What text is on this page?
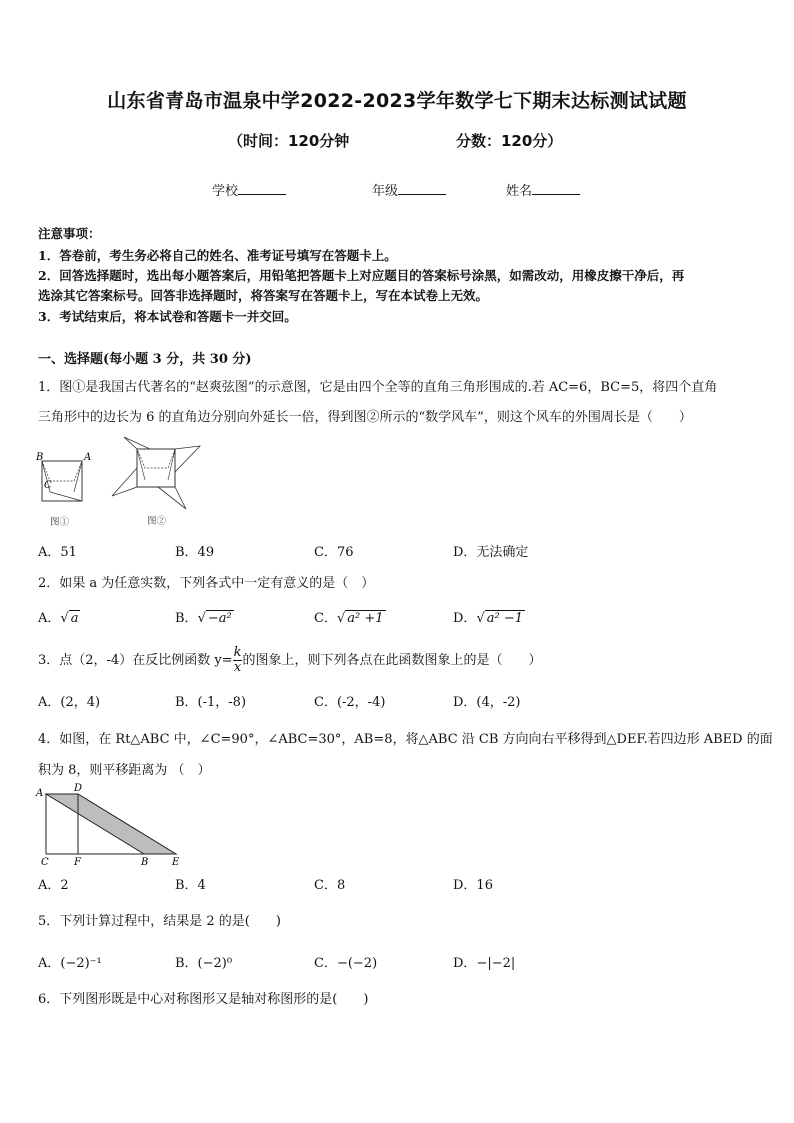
山东省青岛市温泉中学2022-2023学年数学七下期末达标测试试题
（时间：120分钟	分数：120分）
学校	年级	姓名
注意事项：
1．答卷前，考生务必将自己的姓名、准考证号填写在答题卡上。
2．回答选择题时，选出每小题答案后，用铅笔把答题卡上对应题目的答案标号涂黑，如需改动，用橡皮擦干净后，再
选涂其它答案标号。回答非选择题时，将答案写在答题卡上，写在本试卷上无效。
3．考试结束后，将本试卷和答题卡一并交回。
一、选择题(每小题 3 分，共 30 分)
1．图①是我国古代著名的“赵爽弦图”的示意图，它是由四个全等的直角三角形围成的.若 AC=6，BC=5，将四个直角
三角形中的边长为 6 的直角边分别向外延长一倍，得到图②所示的“数学风车”，则这个风车的外围周长是（　　）
B	A
C
图①	图②
A．51	B．49	C．76	D．无法确定
2．如果 a 为任意实数，下列各式中一定有意义的是（　）
A．√ a	B．√ −a²	C．√ a² +1	D．√ a² −1
3．点（2，-4）在反比例函数 $y= \frac{k}{x}$ 的图象上，则下列各点在此函数图象上的是（　　）
A．(2，4)	B．(-1，-8)	C．(-2，-4)	D．(4，-2)
4．如图，在 Rt△ABC 中，∠C=90°，∠ABC=30°，AB=8，将△ABC 沿 CB 方向向右平移得到△DEF.若四边形 ABED 的面
积为 8，则平移距离为 （　）
A	D
C	F	B E
A．2	B．4	C．8	D．16
5．下列计算过程中，结果是 2 的是(　　)
A．(−2)⁻¹	B．(−2)⁰	C．−(−2)	D．−|−2|
6．下列图形既是中心对称图形又是轴对称图形的是(　　)
